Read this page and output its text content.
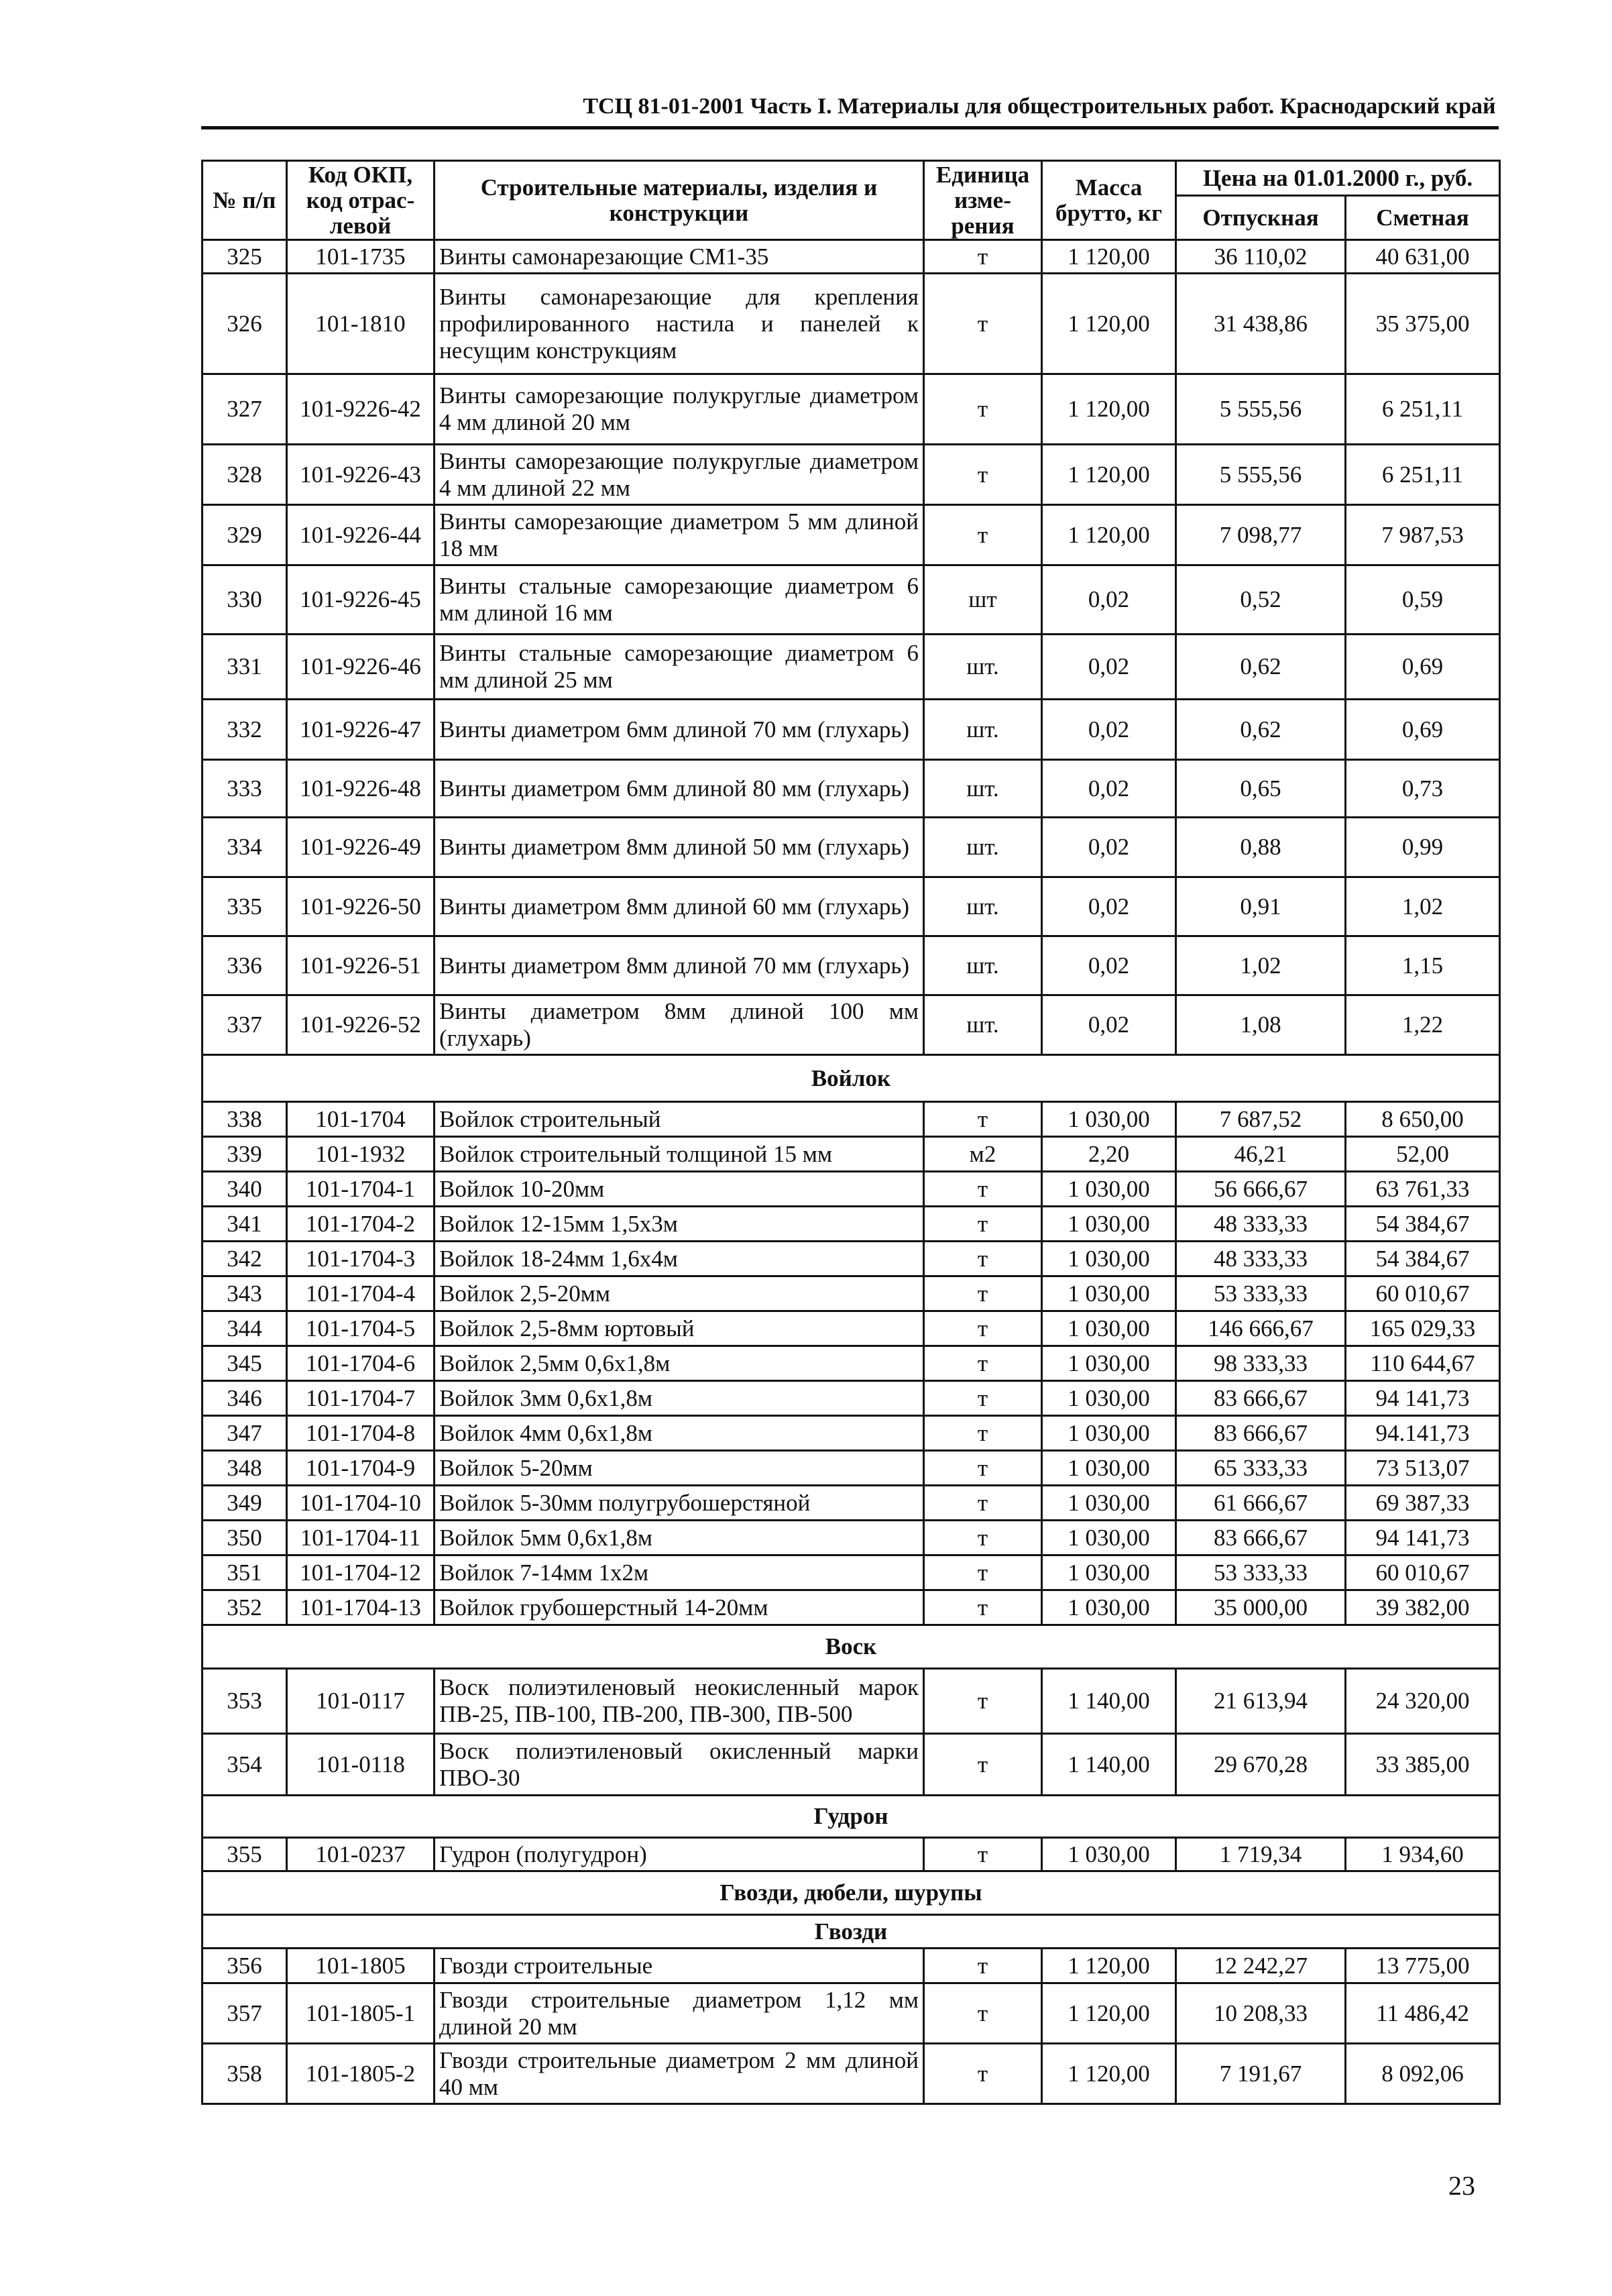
ТСЦ 81-01-2001 Часть I. Материалы для общестроительных работ. Краснодарский край
№ п/п	Код ОКП, код отрас-левой	Строительные материалы, изделия и конструкции	Единица изме-рения	Масса брутто, кг	Цена на 01.01.2000 г., руб.	
					Отпускная	Сметная
325	101-1735	Винты самонарезающие СМ1-35	т	1 120,00	36 110,02	40 631,00
326	101-1810	Винты самонарезающие для крепления профилированного настила и панелей к несущим конструкциям	т	1 120,00	31 438,86	35 375,00
327	101-9226-42	Винты саморезающие полукруглые диаметром 4 мм длиной 20 мм	т	1 120,00	5 555,56	6 251,11
328	101-9226-43	Винты саморезающие полукруглые диаметром 4 мм длиной 22 мм	т	1 120,00	5 555,56	6 251,11
329	101-9226-44	Винты саморезающие диаметром 5 мм длиной 18 мм	т	1 120,00	7 098,77	7 987,53
330	101-9226-45	Винты стальные саморезающие диаметром 6 мм длиной 16 мм	шт	0,02	0,52	0,59
331	101-9226-46	Винты стальные саморезающие диаметром 6 мм длиной 25 мм	шт.	0,02	0,62	0,69
332	101-9226-47	Винты диаметром 6мм длиной 70 мм (глухарь)	шт.	0,02	0,62	0,69
333	101-9226-48	Винты диаметром 6мм длиной 80 мм (глухарь)	шт.	0,02	0,65	0,73
334	101-9226-49	Винты диаметром 8мм длиной 50 мм (глухарь)	шт.	0,02	0,88	0,99
335	101-9226-50	Винты диаметром 8мм длиной 60 мм (глухарь)	шт.	0,02	0,91	1,02
336	101-9226-51	Винты диаметром 8мм длиной 70 мм (глухарь)	шт.	0,02	1,02	1,15
337	101-9226-52	Винты диаметром 8мм длиной 100 мм (глухарь)	шт.	0,02	1,08	1,22
Войлок						
338	101-1704	Войлок строительный	т	1 030,00	7 687,52	8 650,00
339	101-1932	Войлок строительный толщиной 15 мм	м2	2,20	46,21	52,00
340	101-1704-1	Войлок 10-20мм	т	1 030,00	56 666,67	63 761,33
341	101-1704-2	Войлок 12-15мм 1,5х3м	т	1 030,00	48 333,33	54 384,67
342	101-1704-3	Войлок 18-24мм 1,6х4м	т	1 030,00	48 333,33	54 384,67
343	101-1704-4	Войлок 2,5-20мм	т	1 030,00	53 333,33	60 010,67
344	101-1704-5	Войлок 2,5-8мм юртовый	т	1 030,00	146 666,67	165 029,33
345	101-1704-6	Войлок 2,5мм 0,6х1,8м	т	1 030,00	98 333,33	110 644,67
346	101-1704-7	Войлок 3мм 0,6х1,8м	т	1 030,00	83 666,67	94 141,73
347	101-1704-8	Войлок 4мм 0,6х1,8м	т	1 030,00	83 666,67	94.141,73
348	101-1704-9	Войлок 5-20мм	т	1 030,00	65 333,33	73 513,07
349	101-1704-10	Войлок 5-30мм полугрубошерстяной	т	1 030,00	61 666,67	69 387,33
350	101-1704-11	Войлок 5мм 0,6х1,8м	т	1 030,00	83 666,67	94 141,73
351	101-1704-12	Войлок 7-14мм 1х2м	т	1 030,00	53 333,33	60 010,67
352	101-1704-13	Войлок грубошерстный 14-20мм	т	1 030,00	35 000,00	39 382,00
Воск						
353	101-0117	Воск полиэтиленовый неокисленный марок ПВ-25, ПВ-100, ПВ-200, ПВ-300, ПВ-500	т	1 140,00	21 613,94	24 320,00
354	101-0118	Воск полиэтиленовый окисленный марки ПВО-30	т	1 140,00	29 670,28	33 385,00
Гудрон						
355	101-0237	Гудрон (полугудрон)	т	1 030,00	1 719,34	1 934,60
Гвозди, дюбели, шурупы						
Гвозди						
356	101-1805	Гвозди строительные	т	1 120,00	12 242,27	13 775,00
357	101-1805-1	Гвозди строительные диаметром 1,12 мм длиной 20 мм	т	1 120,00	10 208,33	11 486,42
358	101-1805-2	Гвозди строительные диаметром 2 мм длиной 40 мм	т	1 120,00	7 191,67	8 092,06
23
